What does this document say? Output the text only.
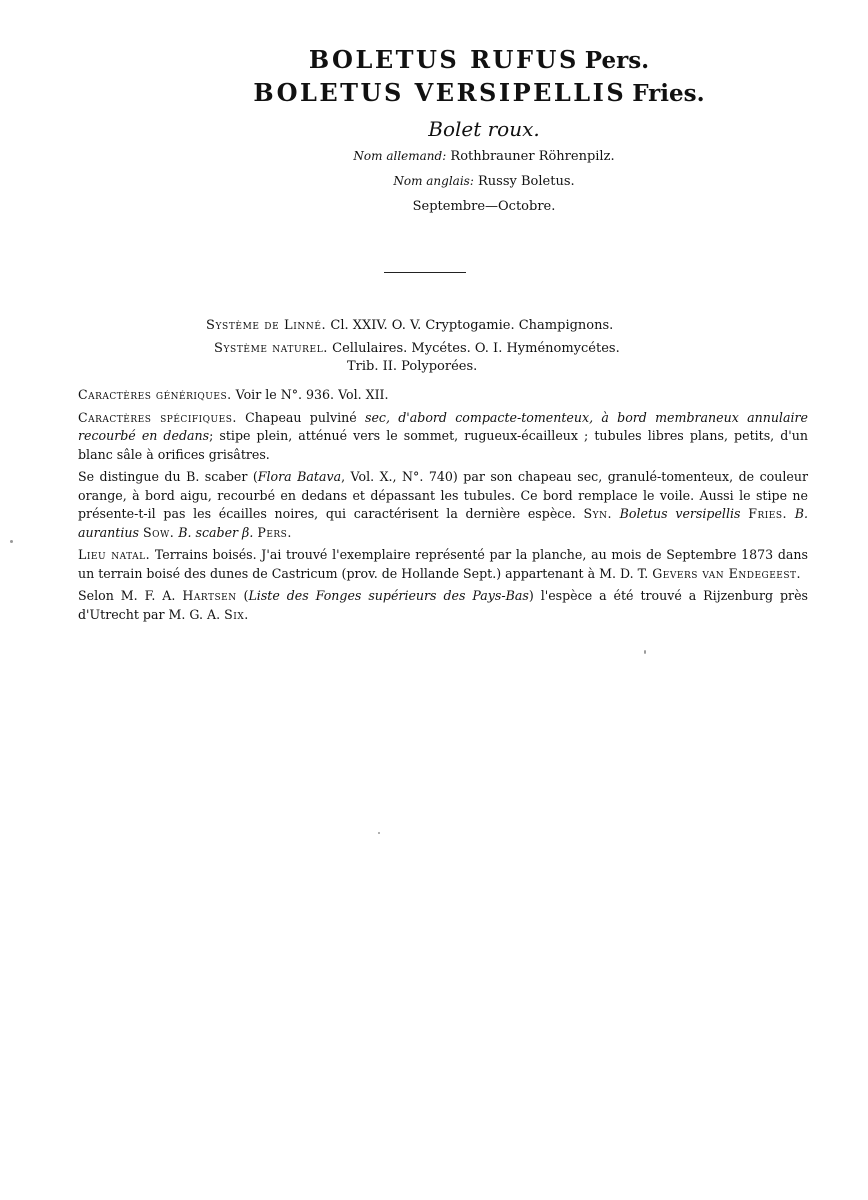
BOLETUS RUFUS Pers.
BOLETUS VERSIPELLIS Fries.
Bolet roux.
Nom allemand: Rothbrauner Röhrenpilz.
Nom anglais: Russy Boletus.
Septembre—Octobre.
Système de Linné. Cl. XXIV. O. V. Cryptogamie. Champignons.
Système naturel. Cellulaires. Mycétes. O. I. Hyménomycétes.
Trib. II. Polyporées.

Caractères génériques. Voir le N°. 936. Vol. XII.

Caractères spécifiques. Chapeau pulviné sec, d'abord compacte-tomenteux, à bord membraneux annulaire recourbé en dedans; stipe plein, atténué vers le sommet, rugueux-écailleux ; tubules libres plans, petits, d'un blanc sâle à orifices grisâtres.

Se distingue du B. scaber (Flora Batava, Vol. X., N°. 740) par son chapeau sec, granulé-tomenteux, de couleur orange, à bord aigu, recourbé en dedans et dépassant les tubules. Ce bord remplace le voile. Aussi le stipe ne présente-t-il pas les écailles noires, qui caractérisent la dernière espèce. Syn. Boletus versipellis Fries. B. aurantius Sow. B. scaber β. Pers.

Lieu natal. Terrains boisés. J'ai trouvé l'exemplaire représenté par la planche, au mois de Septembre 1873 dans un terrain boisé des dunes de Castricum (prov. de Hollande Sept.) appartenant à M. D. T. Gevers van Endegeest.

Selon M. F. A. Hartsen (Liste des Fonges supérieurs des Pays-Bas) l'espèce a été trouvé a Rijzenburg près d'Utrecht par M. G. A. Six.
